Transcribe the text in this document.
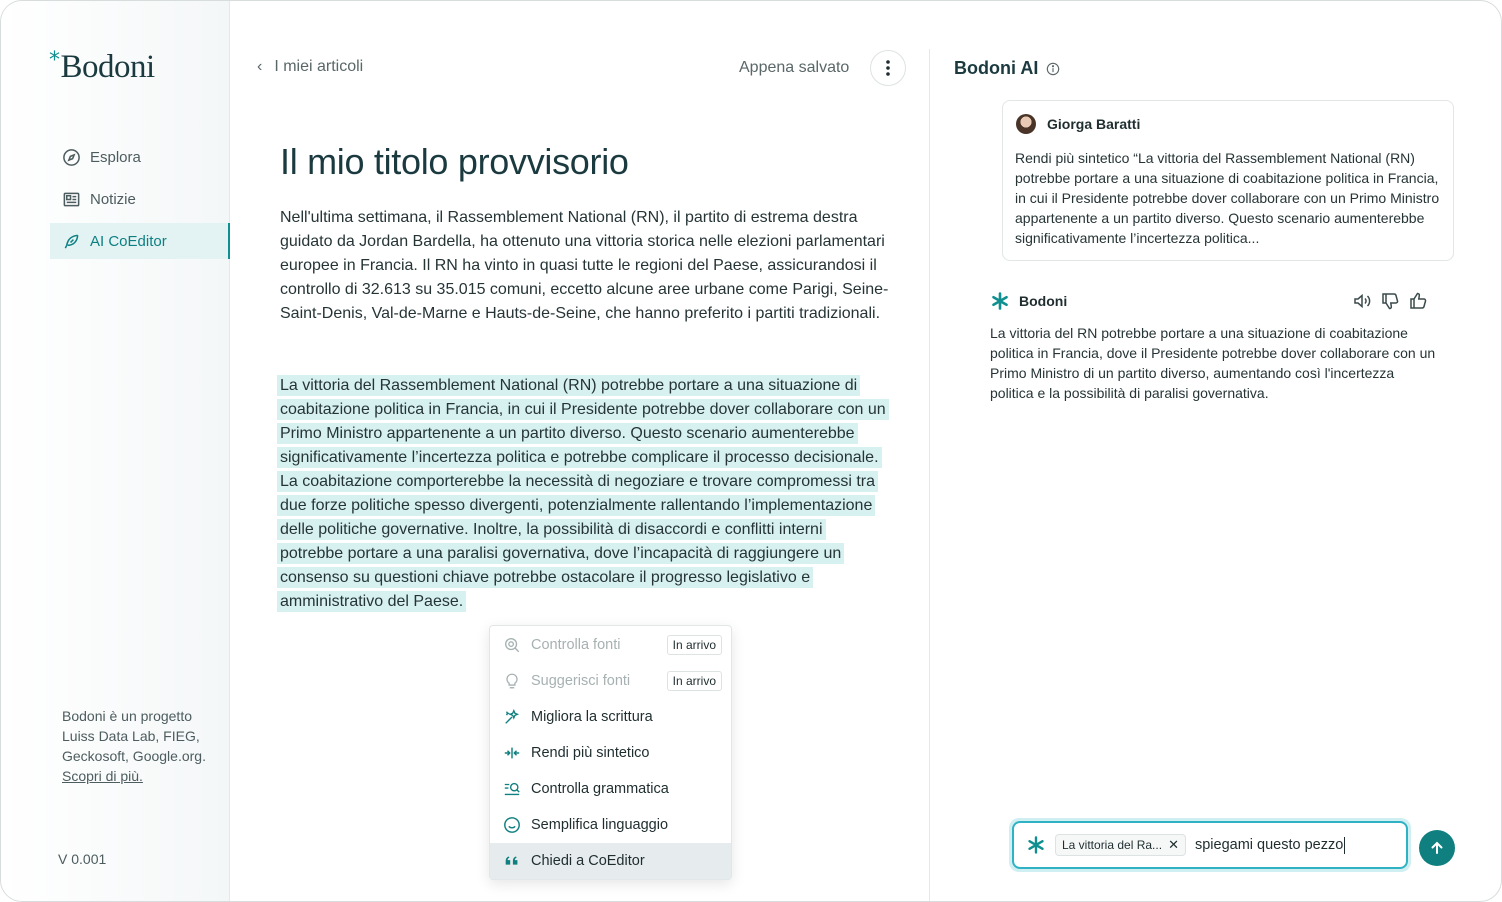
*Bodoni
Esplora
Notizie
AI CoEditor
Bodoni è un progetto Luiss Data Lab, FIEG, Geckosoft, Google.org. Scopri di più.
V 0.001
‹ I miei articoli	Appena salvato
Il mio titolo provvisorio

Nell'ultima settimana, il Rassemblement National (RN), il partito di estrema destra guidato da Jordan Bardella, ha ottenuto una vittoria storica nelle elezioni parlamentari europee in Francia. Il RN ha vinto in quasi tutte le regioni del Paese, assicurandosi il controllo di 32.613 su 35.015 comuni, eccetto alcune aree urbane come Parigi, Seine-Saint-Denis, Val-de-Marne e Hauts-de-Seine, che hanno preferito i partiti tradizionali.

La vittoria del Rassemblement National (RN) potrebbe portare a una situazione di coabitazione politica in Francia, in cui il Presidente potrebbe dover collaborare con un Primo Ministro appartenente a un partito diverso. Questo scenario aumenterebbe significativamente l’incertezza politica e potrebbe complicare il processo decisionale. La coabitazione comporterebbe la necessità di negoziare e trovare compromessi tra due forze politiche spesso divergenti, potenzialmente rallentando l’implementazione delle politiche governative. Inoltre, la possibilità di disaccordi e conflitti interni potrebbe portare a una paralisi governativa, dove l’incapacità di raggiungere un consenso su questioni chiave potrebbe ostacolare il progresso legislativo e amministrativo del Paese.

Controlla fonti	In arrivo
Suggerisci fonti	In arrivo
Migliora la scrittura
Rendi più sintetico
Controlla grammatica
Semplifica linguaggio
Chiedi a CoEditor
Bodoni AI
Giorga Baratti
Rendi più sintetico “La vittoria del Rassemblement National (RN) potrebbe portare a una situazione di coabitazione politica in Francia, in cui il Presidente potrebbe dover collaborare con un Primo Ministro appartenente a un partito diverso. Questo scenario aumenterebbe significativamente l’incertezza politica...
Bodoni
La vittoria del RN potrebbe portare a una situazione di coabitazione politica in Francia, dove il Presidente potrebbe dover collaborare con un Primo Ministro di un partito diverso, aumentando così l'incertezza politica e la possibilità di paralisi governativa.
La vittoria del Ra... ✕ spiegami questo pezzo
